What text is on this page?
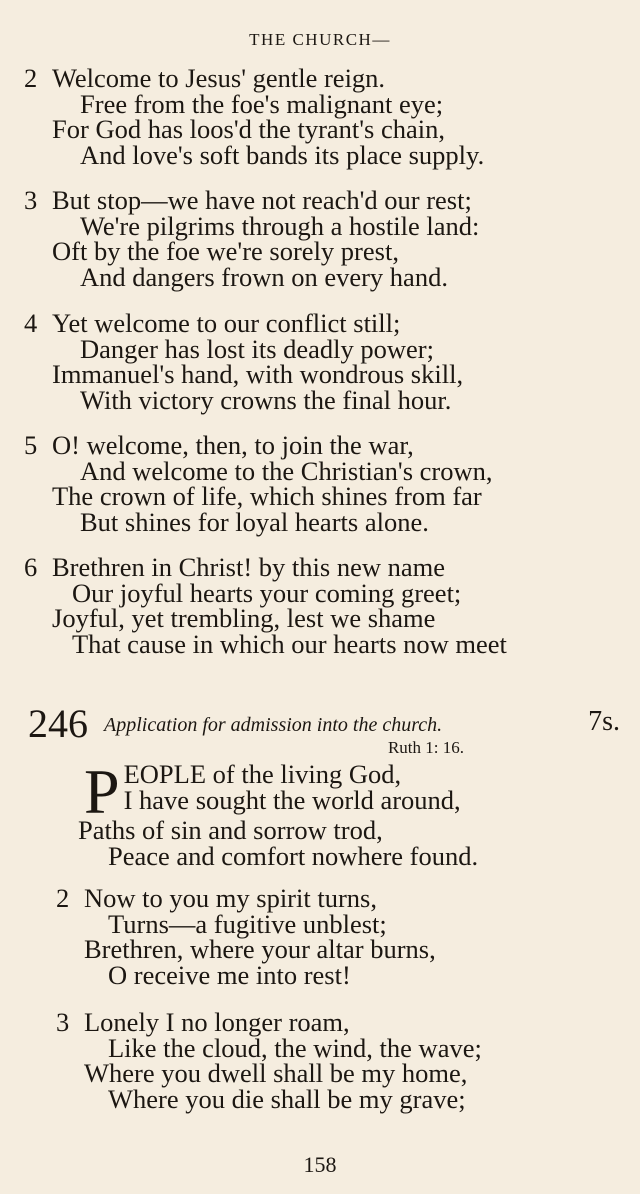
THE CHURCH—
2 Welcome to Jesus' gentle reign.
Free from the foe's malignant eye;
For God has loos'd the tyrant's chain,
And love's soft bands its place supply.
3 But stop—we have not reach'd our rest;
We're pilgrims through a hostile land:
Oft by the foe we're sorely prest,
And dangers frown on every hand.
4 Yet welcome to our conflict still;
Danger has lost its deadly power;
Immanuel's hand, with wondrous skill,
With victory crowns the final hour.
5 O! welcome, then, to join the war,
And welcome to the Christian's crown,
The crown of life, which shines from far
But shines for loyal hearts alone.
6 Brethren in Christ! by this new name
Our joyful hearts your coming greet;
Joyful, yet trembling, lest we shame
That cause in which our hearts now meet
246 Application for admission into the church.	7s.
Ruth 1: 16.
P EOPLE of the living God,
I have sought the world around,
Paths of sin and sorrow trod,
Peace and comfort nowhere found.
2 Now to you my spirit turns,
Turns—a fugitive unblest;
Brethren, where your altar burns,
O receive me into rest!
3 Lonely I no longer roam,
Like the cloud, the wind, the wave;
Where you dwell shall be my home,
Where you die shall be my grave;
158
